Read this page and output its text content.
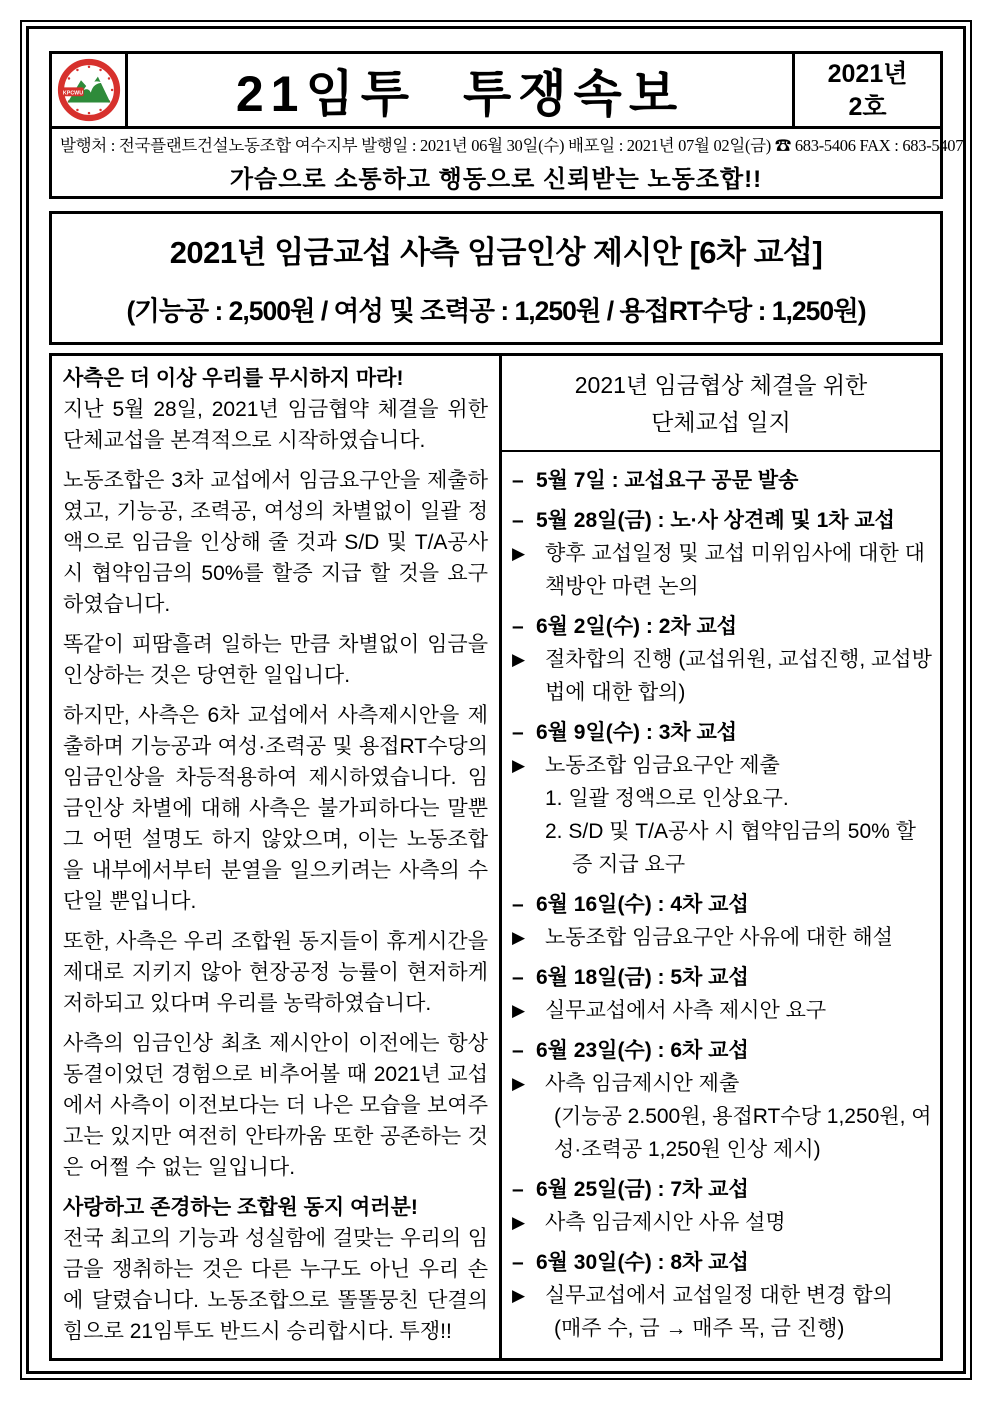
KPCWU	21임투 투쟁속보	2021년
2호
발행처 : 전국플랜트건설노동조합 여수지부 발행일 : 2021년 06월 30일(수) 배포일 : 2021년 07월 02일(금) ☎ 683-5406 FAX : 683-5407
가슴으로 소통하고 행동으로 신뢰받는 노동조합!!
2021년 임금교섭 사측 임금인상 제시안 [6차 교섭]
(기능공 : 2,500원 / 여성 및 조력공 : 1,250원 / 용접RT수당 : 1,250원)
사측은 더 이상 우리를 무시하지 마라!
지난 5월 28일, 2021년 임금협약 체결을 위한 단체교섭을 본격적으로 시작하였습니다.
노동조합은 3차 교섭에서 임금요구안을 제출하였고, 기능공, 조력공, 여성의 차별없이 일괄 정액으로 임금을 인상해 줄 것과 S/D 및 T/A공사 시 협약임금의 50%를 할증 지급 할 것을 요구하였습니다.
똑같이 피땀흘려 일하는 만큼 차별없이 임금을 인상하는 것은 당연한 일입니다.
하지만, 사측은 6차 교섭에서 사측제시안을 제출하며 기능공과 여성·조력공 및 용접RT수당의 임금인상을 차등적용하여 제시하였습니다. 임금인상 차별에 대해 사측은 불가피하다는 말뿐 그 어떤 설명도 하지 않았으며, 이는 노동조합을 내부에서부터 분열을 일으키려는 사측의 수단일 뿐입니다.
또한, 사측은 우리 조합원 동지들이 휴게시간을 제대로 지키지 않아 현장공정 능률이 현저하게 저하되고 있다며 우리를 농락하였습니다.
사측의 임금인상 최초 제시안이 이전에는 항상 동결이었던 경험으로 비추어볼 때 2021년 교섭에서 사측이 이전보다는 더 나은 모습을 보여주고는 있지만 여전히 안타까움 또한 공존하는 것은 어쩔 수 없는 일입니다.
사랑하고 존경하는 조합원 동지 여러분!
전국 최고의 기능과 성실함에 걸맞는 우리의 임금을 쟁취하는 것은 다른 누구도 아닌 우리 손에 달렸습니다. 노동조합으로 똘똘뭉친 단결의 힘으로 21임투도 반드시 승리합시다. 투쟁!!
2021년 임금협상 체결을 위한
단체교섭 일지
– 5월 7일 : 교섭요구 공문 발송
– 5월 28일(금) : 노·사 상견례 및 1차 교섭
▶ 향후 교섭일정 및 교섭 미위임사에 대한 대책방안 마련 논의
– 6월 2일(수) : 2차 교섭
▶ 절차합의 진행 (교섭위원, 교섭진행, 교섭방법에 대한 합의)
– 6월 9일(수) : 3차 교섭
▶ 노동조합 임금요구안 제출
1. 일괄 정액으로 인상요구.
2. S/D 및 T/A공사 시 협약임금의 50% 할증 지급 요구
– 6월 16일(수) : 4차 교섭
▶ 노동조합 임금요구안 사유에 대한 해설
– 6월 18일(금) : 5차 교섭
▶ 실무교섭에서 사측 제시안 요구
– 6월 23일(수) : 6차 교섭
▶ 사측 임금제시안 제출
(기능공 2.500원, 용접RT수당 1,250원, 여성·조력공 1,250원 인상 제시)
– 6월 25일(금) : 7차 교섭
▶ 사측 임금제시안 사유 설명
– 6월 30일(수) : 8차 교섭
▶ 실무교섭에서 교섭일정 대한 변경 합의
(매주 수, 금 → 매주 목, 금 진행)
